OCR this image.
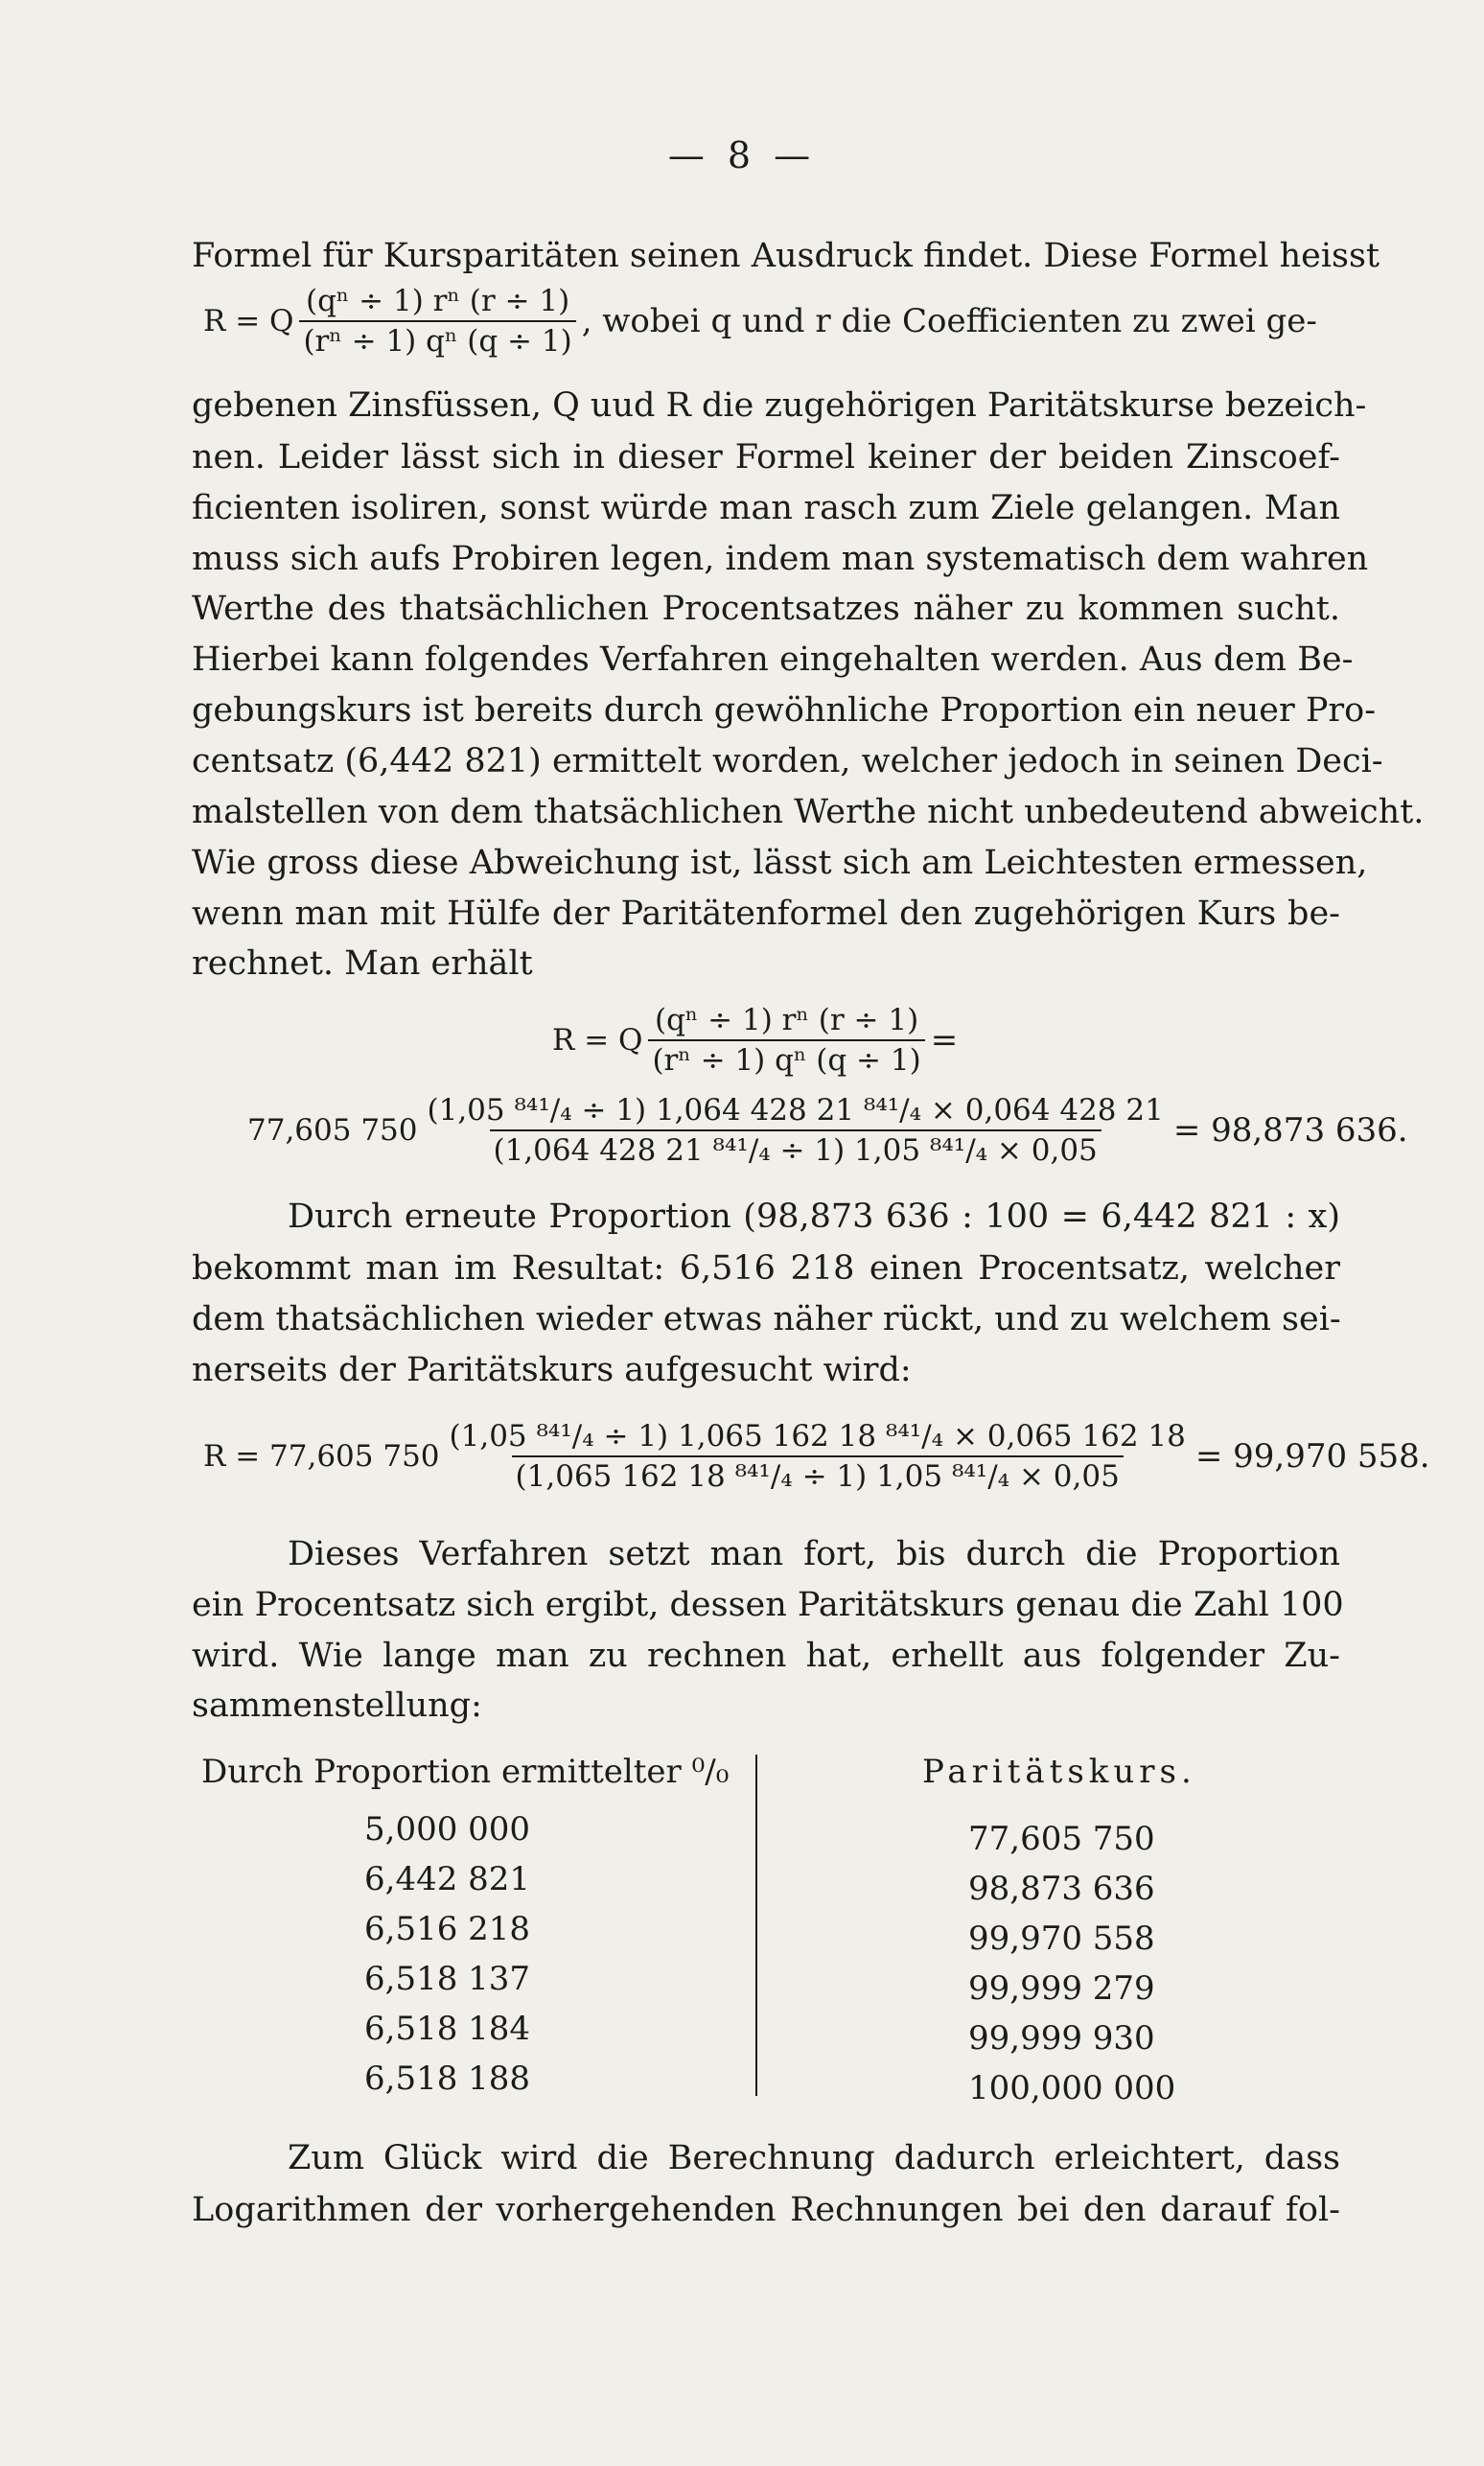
— 8 —
Formel für Kursparitäten seinen Ausdruck findet. Diese Formel heisst
R = Q $\frac{\text{(qⁿ ÷ 1) rⁿ (r ÷ 1)}}{\text{(rⁿ ÷ 1) qⁿ (q ÷ 1)}}$ , wobei q und r die Coefficienten zu zwei ge-
gebenen Zinsfüssen, Q uud R die zugehörigen Paritätskurse bezeich-
nen. Leider lässt sich in dieser Formel keiner der beiden Zinscoef-
ficienten isoliren, sonst würde man rasch zum Ziele gelangen. Man
muss sich aufs Probiren legen, indem man systematisch dem wahren
Werthe des thatsächlichen Procentsatzes näher zu kommen sucht.
Hierbei kann folgendes Verfahren eingehalten werden. Aus dem Be-
gebungskurs ist bereits durch gewöhnliche Proportion ein neuer Pro-
centsatz (6,442 821) ermittelt worden, welcher jedoch in seinen Deci-
malstellen von dem thatsächlichen Werthe nicht unbedeutend abweicht.
Wie gross diese Abweichung ist, lässt sich am Leichtesten ermessen,
wenn man mit Hülfe der Paritätenformel den zugehörigen Kurs be-
rechnet. Man erhält
R = Q $\frac{\text{(qⁿ ÷ 1) rⁿ (r ÷ 1)}}{\text{(rⁿ ÷ 1) qⁿ (q ÷ 1)}}$ =
77,605 $750 \frac{\text{(1,05 ⁸⁴¹/₄ ÷ 1) 1,064 428 21 ⁸⁴¹/₄ × 0,064 428 21}}{\text{(1,064 428 21 ⁸⁴¹/₄ ÷ 1) 1,05 ⁸⁴¹/₄ × 0,05}} = 98,873$ 636.
Durch erneute Proportion (98,873 636 : 100 = 6,442 821 : x)
bekommt man im Resultat: 6,516 218 einen Procentsatz, welcher
dem thatsächlichen wieder etwas näher rückt, und zu welchem sei-
nerseits der Paritätskurs aufgesucht wird:
R = 77,605 $750 \frac{\text{(1,05 ⁸⁴¹/₄ ÷ 1) 1,065 162 18 ⁸⁴¹/₄ × 0,065 162 18}}{\text{(1,065 162 18 ⁸⁴¹/₄ ÷ 1) 1,05 ⁸⁴¹/₄ × 0,05}} = 99,970$ 558.
Dieses Verfahren setzt man fort, bis durch die Proportion
ein Procentsatz sich ergibt, dessen Paritätskurs genau die Zahl 100
wird. Wie lange man zu rechnen hat, erhellt aus folgender Zu-
sammenstellung:
Durch Proportion ermittelter ⁰/₀	Paritätskurs.
5,000 000	77,605 750
6,442 821	98,873 636
6,516 218	99,970 558
6,518 137	99,999 279
6,518 184	99,999 930
6,518 188	100,000 000
Zum Glück wird die Berechnung dadurch erleichtert, dass
Logarithmen der vorhergehenden Rechnungen bei den darauf fol-
